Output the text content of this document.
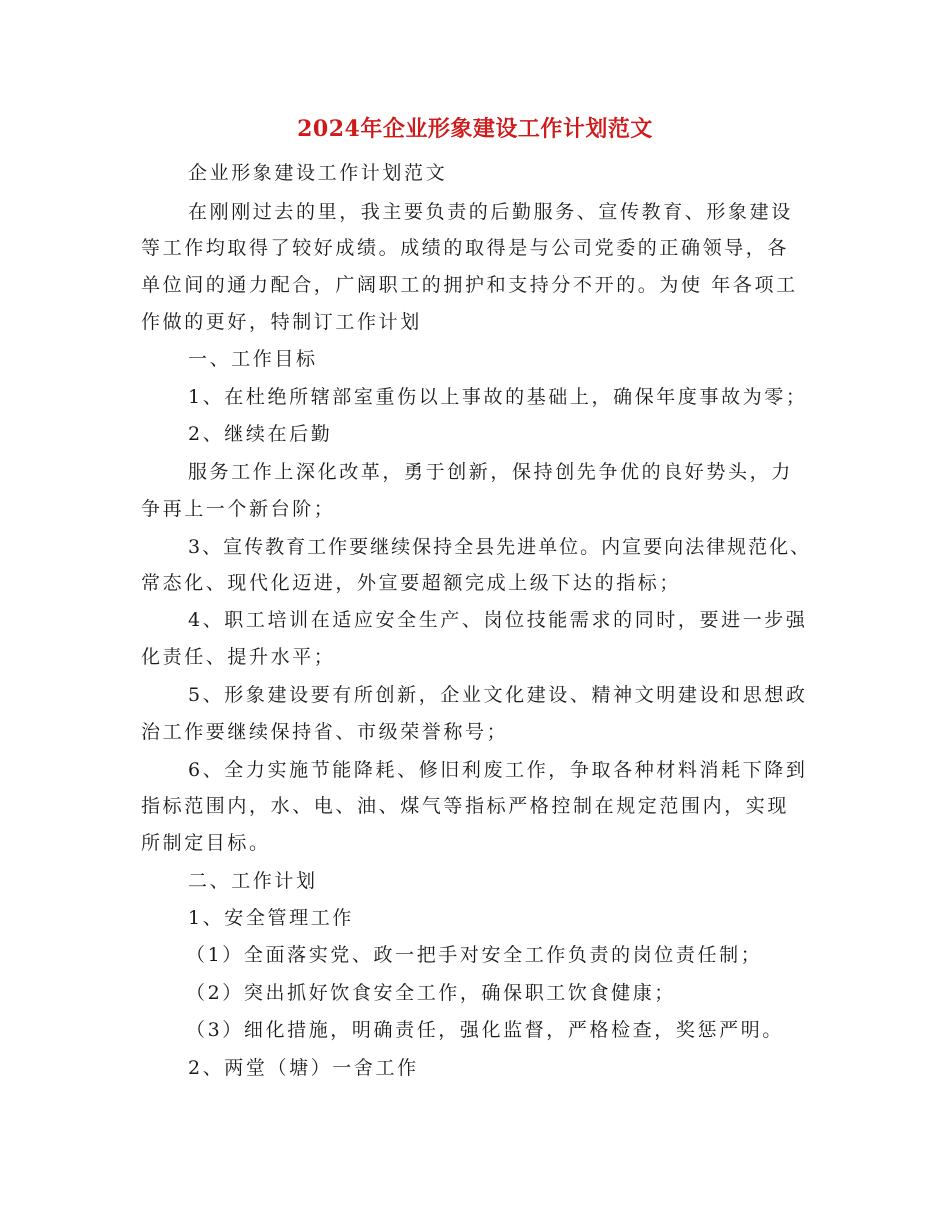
2024年企业形象建设工作计划范文
企业形象建设工作计划范文
在刚刚过去的里，我主要负责的后勤服务、宣传教育、形象建设
等工作均取得了较好成绩。成绩的取得是与公司党委的正确领导，各
单位间的通力配合，广阔职工的拥护和支持分不开的。为使 年各项工
作做的更好，特制订工作计划
一、工作目标
1、在杜绝所辖部室重伤以上事故的基础上，确保年度事故为零；
2、继续在后勤
服务工作上深化改革，勇于创新，保持创先争优的良好势头，力
争再上一个新台阶；
3、宣传教育工作要继续保持全县先进单位。内宣要向法律规范化、
常态化、现代化迈进，外宣要超额完成上级下达的指标；
4、职工培训在适应安全生产、岗位技能需求的同时，要进一步强
化责任、提升水平；
5、形象建设要有所创新，企业文化建设、精神文明建设和思想政
治工作要继续保持省、市级荣誉称号；
6、全力实施节能降耗、修旧利废工作，争取各种材料消耗下降到
指标范围内，水、电、油、煤气等指标严格控制在规定范围内，实现
所制定目标。
二、工作计划
1、安全管理工作
（1）全面落实党、政一把手对安全工作负责的岗位责任制；
（2）突出抓好饮食安全工作，确保职工饮食健康；
（3）细化措施，明确责任，强化监督，严格检查，奖惩严明。
2、两堂（塘）一舍工作
